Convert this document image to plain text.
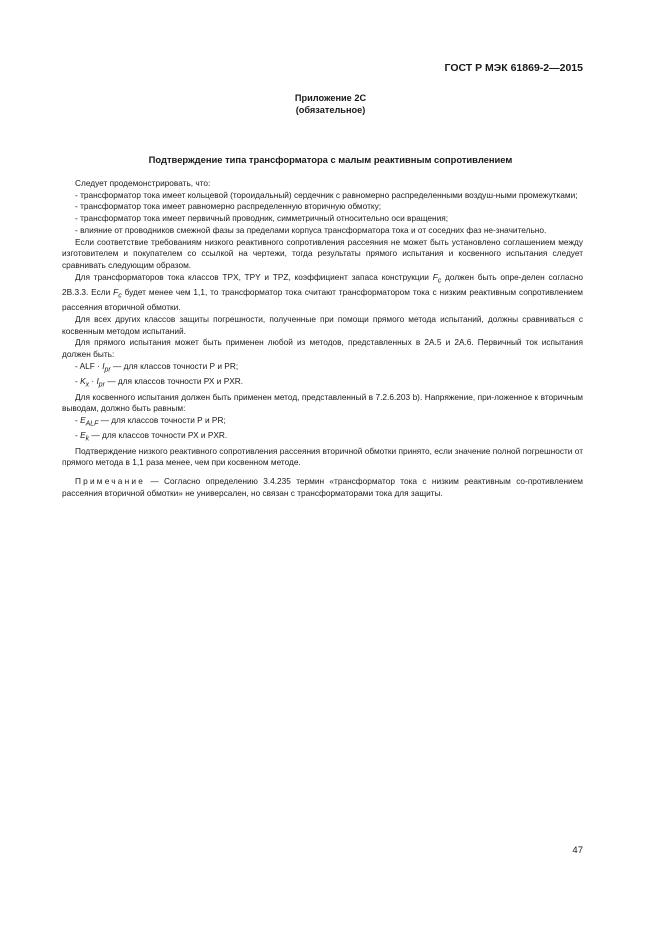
ГОСТ Р МЭК 61869-2—2015
Приложение 2С
(обязательное)
Подтверждение типа трансформатора с малым реактивным сопротивлением

Следует продемонстрировать, что:

- трансформатор тока имеет кольцевой (тороидальный) сердечник с равномерно распределенными воздуш-ными промежутками;

- трансформатор тока имеет равномерно распределенную вторичную обмотку;

- трансформатор тока имеет первичный проводник, симметричный относительно оси вращения;

- влияние от проводников смежной фазы за пределами корпуса трансформатора тока и от соседних фаз не-значительно.

Если соответствие требованиям низкого реактивного сопротивления рассеяния не может быть установлено соглашением между изготовителем и покупателем со ссылкой на чертежи, тогда результаты прямого испытания и косвенного испытания следует сравнивать следующим образом.

Для трансформаторов тока классов TPX, TPY и TPZ, коэффициент запаса конструкции $F_c$ должен быть опре-делен согласно 2В.3.3. Если $F_c$ будет менее чем 1,1, то трансформатор тока считают трансформатором тока с низким реактивным сопротивлением рассеяния вторичной обмотки.

Для всех других классов защиты погрешности, полученные при помощи прямого метода испытаний, должны сравниваться с косвенным методом испытаний.

Для прямого испытания может быть применен любой из методов, представленных в 2А.5 и 2А.6. Первичный ток испытания должен быть:

- ALF · $I_{pr}$ — для классов точности Р и PR;

- $K_x \cdot I_{pr}$ — для классов точности РХ и PXR.

Для косвенного испытания должен быть применен метод, представленный в 7.2.6.203 b). Напряжение, при-ложенное к вторичным выводам, должно быть равным:

- $E_{ALF}$ — для классов точности Р и PR;

- $E_k$ — для классов точности РХ и PXR.

Подтверждение низкого реактивного сопротивления рассеяния вторичной обмотки принято, если значение полной погрешности от прямого метода в 1,1 раза менее, чем при косвенном методе.

Примечание — Согласно определению 3.4.235 термин «трансформатор тока с низким реактивным со-противлением рассеяния вторичной обмотки» не универсален, но связан с трансформаторами тока для защиты.

47
